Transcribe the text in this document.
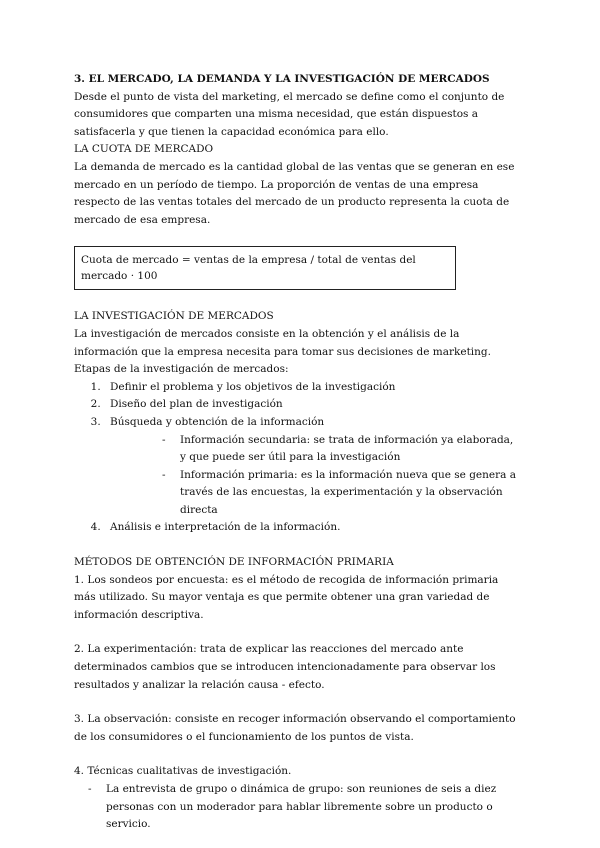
3. EL MERCADO, LA DEMANDA Y LA INVESTIGACIÓN DE MERCADOS

Desde el punto de vista del marketing, el mercado se define como el conjunto de consumidores que comparten una misma necesidad, que están dispuestos a satisfacerla y que tienen la capacidad económica para ello.

LA CUOTA DE MERCADO

La demanda de mercado es la cantidad global de las ventas que se generan en ese mercado en un período de tiempo. La proporción de ventas de una empresa respecto de las ventas totales del mercado de un producto representa la cuota de mercado de esa empresa.

Cuota de mercado = ventas de la empresa / total de ventas del mercado · 100

LA INVESTIGACIÓN DE MERCADOS

La investigación de mercados consiste en la obtención y el análisis de la información que la empresa necesita para tomar sus decisiones de marketing.

Etapas de la investigación de mercados:

1. Definir el problema y los objetivos de la investigación
2. Diseño del plan de investigación
3. Búsqueda y obtención de la información
- Información secundaria: se trata de información ya elaborada, y que puede ser útil para la investigación
- Información primaria: es la información nueva que se genera a través de las encuestas, la experimentación y la observación directa
4. Análisis e interpretación de la información.

MÉTODOS DE OBTENCIÓN DE INFORMACIÓN PRIMARIA

1. Los sondeos por encuesta: es el método de recogida de información primaria más utilizado. Su mayor ventaja es que permite obtener una gran variedad de información descriptiva.

2. La experimentación: trata de explicar las reacciones del mercado ante determinados cambios que se introducen intencionadamente para observar los resultados y analizar la relación causa - efecto.

3. La observación: consiste en recoger información observando el comportamiento de los consumidores o el funcionamiento de los puntos de vista.

4. Técnicas cualitativas de investigación.

- La entrevista de grupo o dinámica de grupo: son reuniones de seis a diez personas con un moderador para hablar libremente sobre un producto o servicio.
